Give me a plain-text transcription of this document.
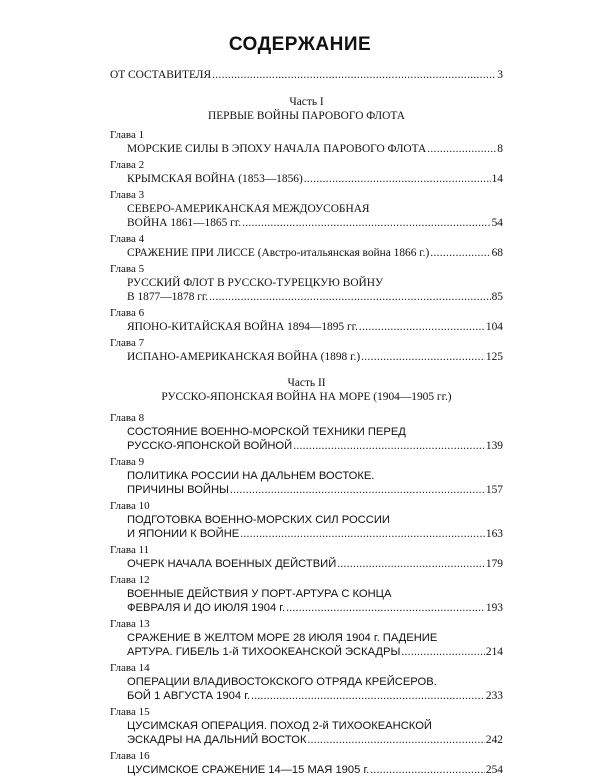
СОДЕРЖАНИЕ
ОТ СОСТАВИТЕЛЯ .....	3
Часть I
ПЕРВЫЕ ВОЙНЫ ПАРОВОГО ФЛОТА
Глава 1
МОРСКИЕ СИЛЫ В ЭПОХУ НАЧАЛА ПАРОВОГО ФЛОТА .....	8
Глава 2
КРЫМСКАЯ ВОЙНА (1853—1856) .....	14
Глава 3
СЕВЕРО-АМЕРИКАНСКАЯ МЕЖДОУСОБНАЯ
ВОЙНА 1861—1865 гг. .....	54
Глава 4
СРАЖЕНИЕ ПРИ ЛИССЕ (Австро-итальянская война 1866 г.) .....	68
Глава 5
РУССКИЙ ФЛОТ В РУССКО-ТУРЕЦКУЮ ВОЙНУ
В 1877—1878 гг. .....	85
Глава 6
ЯПОНО-КИТАЙСКАЯ ВОЙНА 1894—1895 гг. .....	104
Глава 7
ИСПАНО-АМЕРИКАНСКАЯ ВОЙНА (1898 г.) .....	125
Часть II
РУССКО-ЯПОНСКАЯ ВОЙНА НА МОРЕ (1904—1905 гг.)
Глава 8
СОСТОЯНИЕ ВОЕННО-МОРСКОЙ ТЕХНИКИ ПЕРЕД
РУССКО-ЯПОНСКОЙ ВОЙНОЙ .....	139
Глава 9
ПОЛИТИКА РОССИИ НА ДАЛЬНЕМ ВОСТОКЕ.
ПРИЧИНЫ ВОЙНЫ .....	157
Глава 10
ПОДГОТОВКА ВОЕННО-МОРСКИХ СИЛ РОССИИ
И ЯПОНИИ К ВОЙНЕ .....	163
Глава 11
ОЧЕРК НАЧАЛА ВОЕННЫХ ДЕЙСТВИЙ .....	179
Глава 12
ВОЕННЫЕ ДЕЙСТВИЯ У ПОРТ-АРТУРА С КОНЦА
ФЕВРАЛЯ И ДО ИЮЛЯ 1904 г. .....	193
Глава 13
СРАЖЕНИЕ В ЖЕЛТОМ МОРЕ 28 ИЮЛЯ 1904 г. ПАДЕНИЕ
АРТУРА. ГИБЕЛЬ 1-й ТИХООКЕАНСКОЙ ЭСКАДРЫ .....	214
Глава 14
ОПЕРАЦИИ ВЛАДИВОСТОКСКОГО ОТРЯДА КРЕЙСЕРОВ.
БОЙ 1 АВГУСТА 1904 г. .....	233
Глава 15
ЦУСИМСКАЯ ОПЕРАЦИЯ. ПОХОД 2-й ТИХООКЕАНСКОЙ
ЭСКАДРЫ НА ДАЛЬНИЙ ВОСТОК .....	242
Глава 16
ЦУСИМСКОЕ СРАЖЕНИЕ 14—15 МАЯ 1905 г. .....	254
